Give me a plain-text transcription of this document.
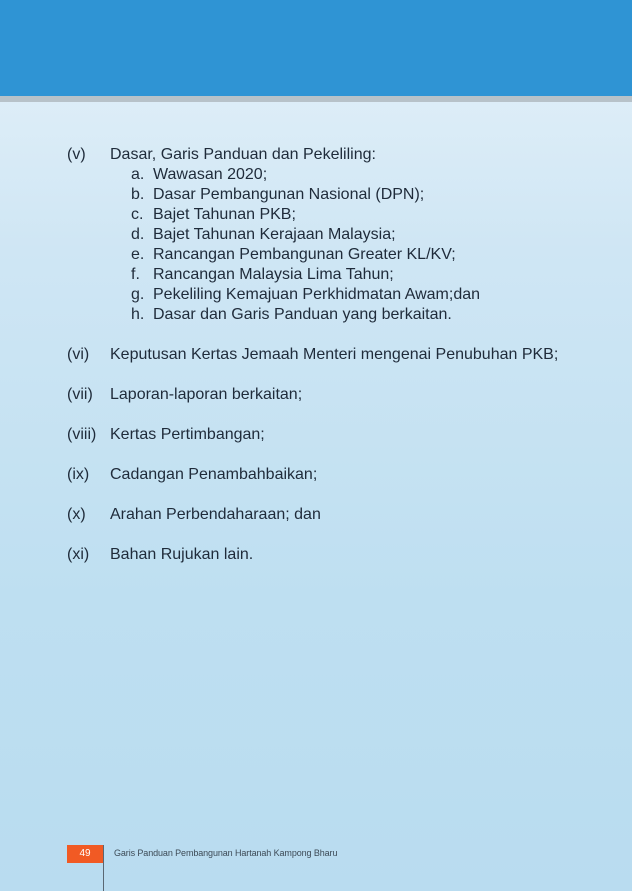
(v)	Dasar, Garis Panduan dan Pekeliling:
a. Wawasan 2020;
b. Dasar Pembangunan Nasional (DPN);
c. Bajet Tahunan PKB;
d. Bajet Tahunan Kerajaan Malaysia;
e. Rancangan Pembangunan Greater KL/KV;
f. Rancangan Malaysia Lima Tahun;
g. Pekeliling Kemajuan Perkhidmatan Awam;dan
h. Dasar dan Garis Panduan yang berkaitan.
(vi)	Keputusan Kertas Jemaah Menteri mengenai Penubuhan PKB;
(vii)	Laporan-laporan berkaitan;
(viii) Kertas Pertimbangan;
(ix)	Cadangan Penambahbaikan;
(x)	Arahan Perbendaharaan; dan
(xi)	Bahan Rujukan lain.
49	Garis Panduan Pembangunan Hartanah Kampong Bharu
